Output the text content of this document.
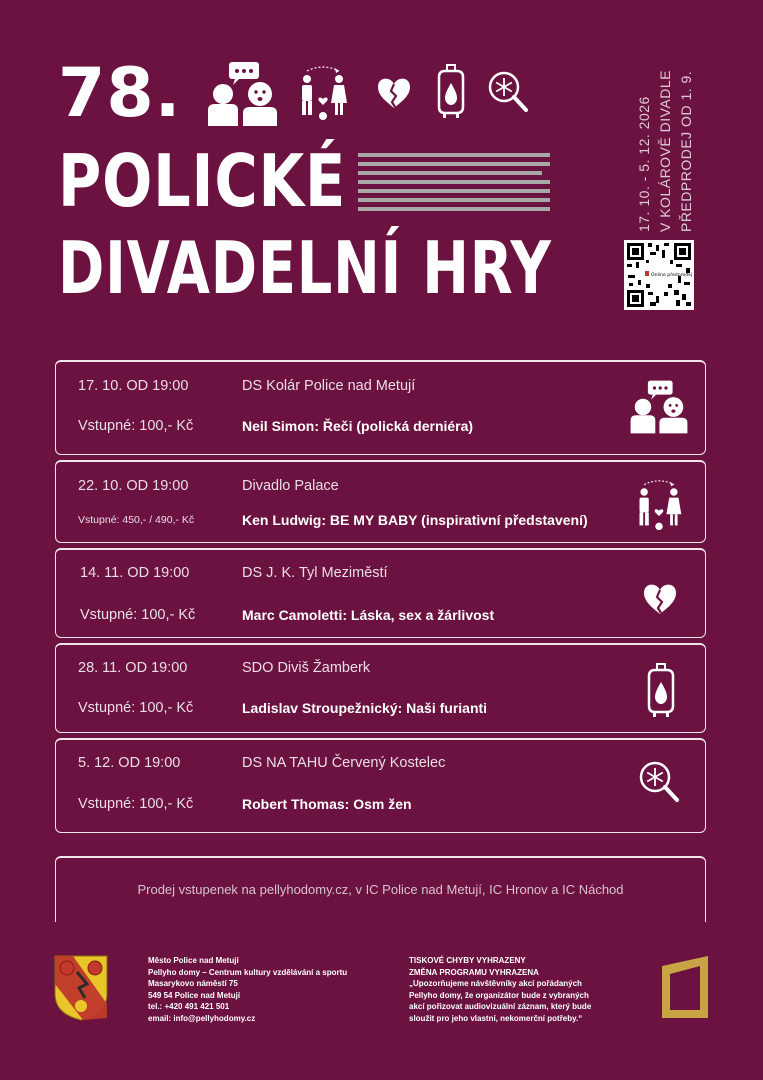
78.
POLICKÉ
DIVADELNÍ HRY
17. 10. - 5. 12. 2026 V KOLÁROVĚ DIVADLE PŘEDPRODEJ OD 1. 9.
Online předprodej
17. 10. OD 19:00
Vstupné: 100,- Kč
DS Kolár Police nad Metují
Neil Simon: Řeči (polická derniéra)
22. 10. OD 19:00
Vstupné: 450,- / 490,- Kč
Divadlo Palace
Ken Ludwig: BE MY BABY (inspirativní představení)
14. 11. OD 19:00
Vstupné: 100,- Kč
DS J. K. Tyl Meziměstí
Marc Camoletti: Láska, sex a žárlivost
28. 11. OD 19:00
Vstupné: 100,- Kč
SDO Diviš Žamberk
Ladislav Stroupežnický: Naši furianti
5. 12. OD 19:00
Vstupné: 100,- Kč
DS NA TAHU Červený Kostelec
Robert Thomas: Osm žen
Prodej vstupenek na pellyhodomy.cz, v IC Police nad Metují, IC Hronov a IC Náchod
Město Police nad Metují
Pellyho domy – Centrum kultury vzdělávání a sportu
Masarykovo náměstí 75
549 54 Police nad Metují
tel.: +420 491 421 501
email: info@pellyhodomy.cz
TISKOVÉ CHYBY VYHRAZENY
ZMĚNA PROGRAMU VYHRAZENA
„Upozorňujeme návštěvníky akcí pořádaných
Pellyho domy, že organizátor bude z vybraných
akcí pořizovat audiovizuální záznam, který bude
sloužit pro jeho vlastní, nekomerční potřeby.“
